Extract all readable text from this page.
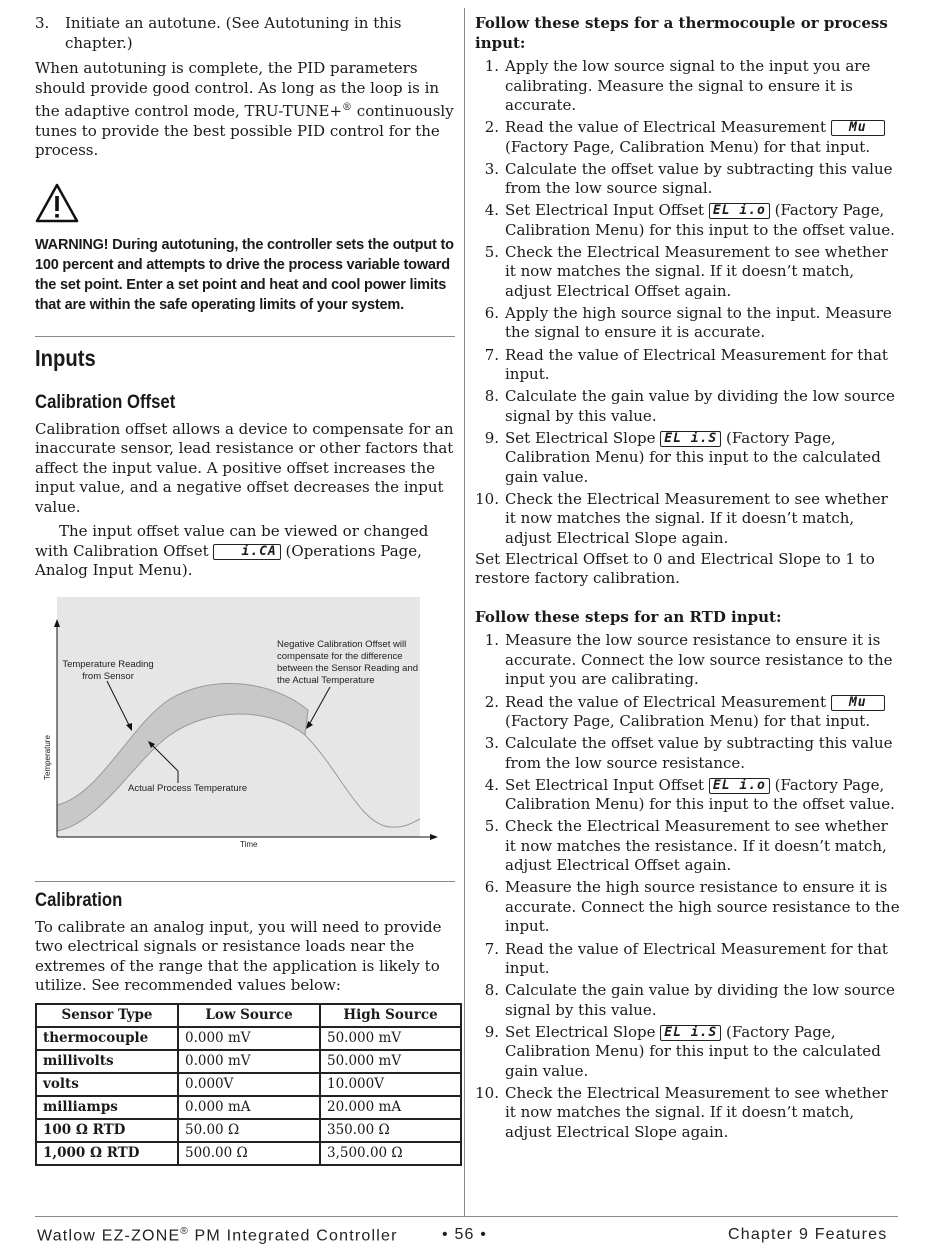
3.	Initiate an autotune. (See Autotuning in this chapter.)

When autotuning is complete, the PID parameters should provide good control. As long as the loop is in the adaptive control mode, TRU-TUNE+® continuously tunes to provide the best possible PID control for the process.

WARNING! During autotuning, the controller sets the output to 100 percent and attempts to drive the process variable toward the set point. Enter a set point and heat and cool power limits that are within the safe operating limits of your system.
Inputs
Calibration Offset

Calibration offset allows a device to compensate for an inaccurate sensor, lead resistance or other factors that affect the input value. A positive offset increases the input value, and a negative offset decreases the input value.

The input offset value can be viewed or changed with Calibration Offset	i.CA (Operations Page, Analog Input Menu).

Temperature Reading from Sensor
Negative Calibration Offset will compensate for the difference between the Sensor Reading and the Actual Temperature
Actual Process Temperature
Temperature
Time
Calibration

To calibrate an analog input, you will need to provide two electrical signals or resistance loads near the extremes of the range that the application is likely to utilize. See recommended values below:

Sensor Type	Low Source	High Source
thermocouple	0.000 mV	50.000 mV
millivolts	0.000 mV	50.000 mV
volts	0.000V	10.000V
milliamps	0.000 mA	20.000 mA
100 Ω RTD	50.00 Ω	350.00 Ω
1,000 Ω RTD	500.00 Ω	3,500.00 Ω
Follow these steps for a thermocouple or process input:
1. Apply the low source signal to the input you are calibrating. Measure the signal to ensure it is accurate.
2. Read the value of Electrical Measurement Mu (Factory Page, Calibration Menu) for that input.
3. Calculate the offset value by subtracting this value from the low source signal.
4. Set Electrical Input Offset EL i.o (Factory Page, Calibration Menu) for this input to the offset value.
5. Check the Electrical Measurement to see whether it now matches the signal. If it doesn’t match, adjust Electrical Offset again.
6. Apply the high source signal to the input. Measure the signal to ensure it is accurate.
7. Read the value of Electrical Measurement for that input.
8. Calculate the gain value by dividing the low source signal by this value.
9. Set Electrical Slope EL i.S (Factory Page, Calibration Menu) for this input to the calculated gain value.
10. Check the Electrical Measurement to see whether it now matches the signal. If it doesn’t match, adjust Electrical Slope again.

Set Electrical Offset to 0 and Electrical Slope to 1 to restore factory calibration.

Follow these steps for an RTD input:
1. Measure the low source resistance to ensure it is accurate. Connect the low source resistance to the input you are calibrating.
2. Read the value of Electrical Measurement Mu (Factory Page, Calibration Menu) for that input.
3. Calculate the offset value by subtracting this value from the low source resistance.
4. Set Electrical Input Offset EL i.o (Factory Page, Calibration Menu) for this input to the offset value.
5. Check the Electrical Measurement to see whether it now matches the resistance. If it doesn’t match, adjust Electrical Offset again.
6. Measure the high source resistance to ensure it is accurate. Connect the high source resistance to the input.
7. Read the value of Electrical Measurement for that input.
8. Calculate the gain value by dividing the low source signal by this value.
9. Set Electrical Slope EL i.S (Factory Page, Calibration Menu) for this input to the calculated gain value.
10. Check the Electrical Measurement to see whether it now matches the signal. If it doesn’t match, adjust Electrical Slope again.
Watlow EZ-ZONE® PM Integrated Controller	• 56 •	Chapter 9 Features
